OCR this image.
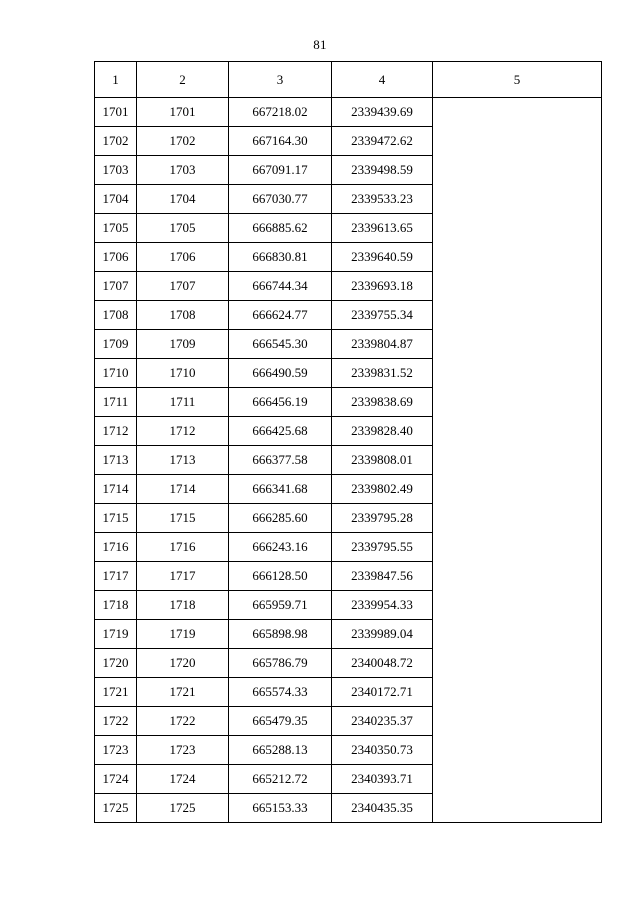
81
1	2	3	4	5
1701	1701	667218.02	2339439.69	
1702	1702	667164.30	2339472.62	
1703	1703	667091.17	2339498.59	
1704	1704	667030.77	2339533.23	
1705	1705	666885.62	2339613.65	
1706	1706	666830.81	2339640.59	
1707	1707	666744.34	2339693.18	
1708	1708	666624.77	2339755.34	
1709	1709	666545.30	2339804.87	
1710	1710	666490.59	2339831.52	
1711	1711	666456.19	2339838.69	
1712	1712	666425.68	2339828.40	
1713	1713	666377.58	2339808.01	
1714	1714	666341.68	2339802.49	
1715	1715	666285.60	2339795.28	
1716	1716	666243.16	2339795.55	
1717	1717	666128.50	2339847.56	
1718	1718	665959.71	2339954.33	
1719	1719	665898.98	2339989.04	
1720	1720	665786.79	2340048.72	
1721	1721	665574.33	2340172.71	
1722	1722	665479.35	2340235.37	
1723	1723	665288.13	2340350.73	
1724	1724	665212.72	2340393.71	
1725	1725	665153.33	2340435.35	
